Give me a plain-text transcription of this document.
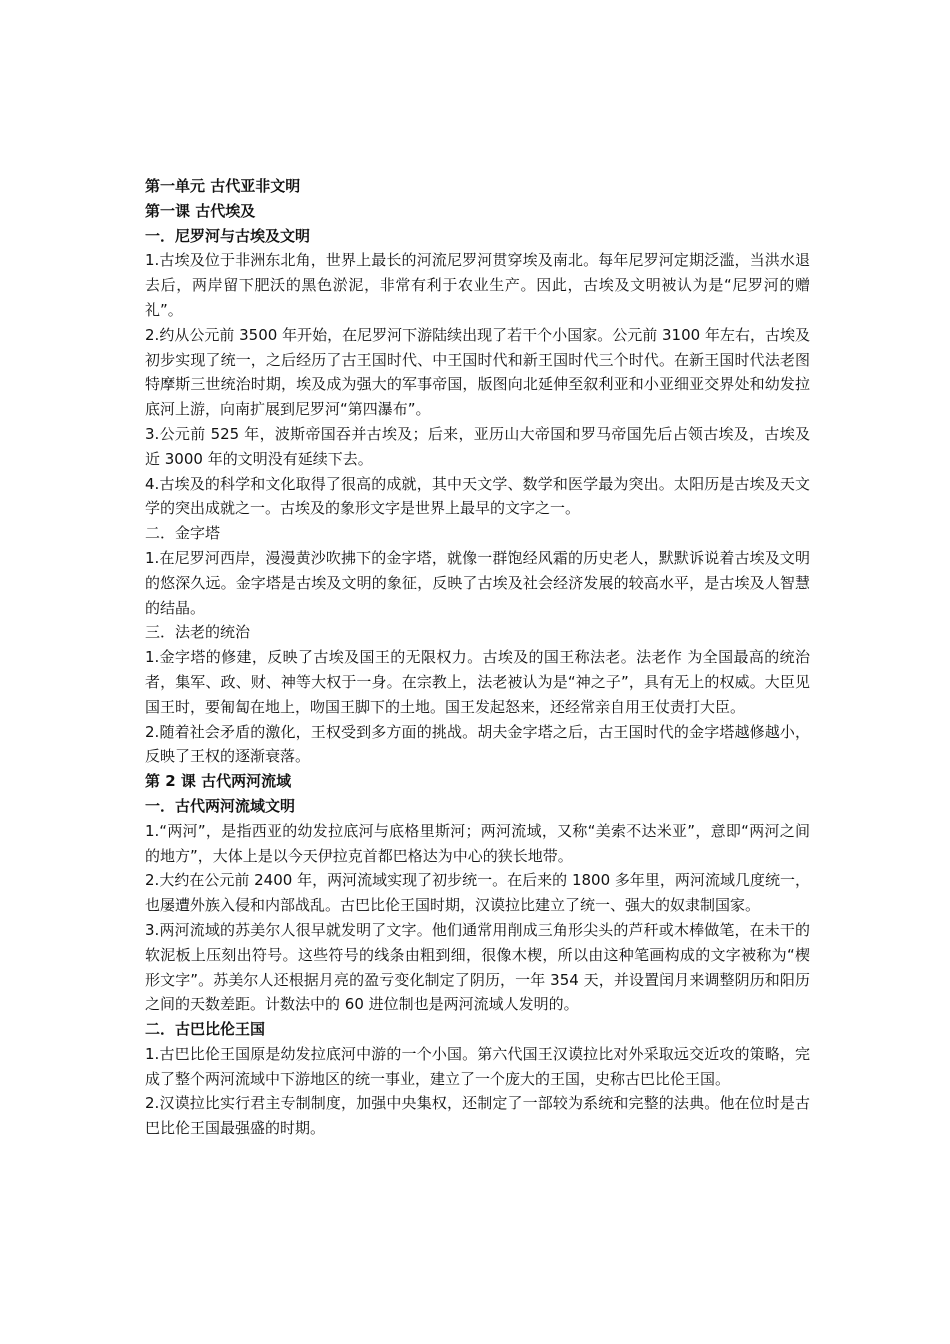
第一单元 古代亚非文明

第一课 古代埃及

一．尼罗河与古埃及文明

1.古埃及位于非洲东北角，世界上最长的河流尼罗河贯穿埃及南北。每年尼罗河定期泛滥，当洪水退去后，两岸留下肥沃的黑色淤泥，非常有利于农业生产。因此，古埃及文明被认为是“尼罗河的赠礼”。

2.约从公元前 3500 年开始，在尼罗河下游陆续出现了若干个小国家。公元前 3100 年左右，古埃及初步实现了统一，之后经历了古王国时代、中王国时代和新王国时代三个时代。在新王国时代法老图特摩斯三世统治时期，埃及成为强大的军事帝国，版图向北延伸至叙利亚和小亚细亚交界处和幼发拉底河上游，向南扩展到尼罗河“第四瀑布”。

3.公元前 525 年，波斯帝国吞并古埃及；后来，亚历山大帝国和罗马帝国先后占领古埃及，古埃及近 3000 年的文明没有延续下去。

4.古埃及的科学和文化取得了很高的成就，其中天文学、数学和医学最为突出。太阳历是古埃及天文学的突出成就之一。古埃及的象形文字是世界上最早的文字之一。

二．金字塔

1.在尼罗河西岸，漫漫黄沙吹拂下的金字塔，就像一群饱经风霜的历史老人，默默诉说着古埃及文明的悠深久远。金字塔是古埃及文明的象征，反映了古埃及社会经济发展的较高水平，是古埃及人智慧的结晶。

三．法老的统治

1.金字塔的修建，反映了古埃及国王的无限权力。古埃及的国王称法老。法老作 为全国最高的统治者，集军、政、财、神等大权于一身。在宗教上，法老被认为是“神之子”，具有无上的权威。大臣见国王时，要匍匐在地上，吻国王脚下的土地。国王发起怒来，还经常亲自用王仗责打大臣。

2.随着社会矛盾的激化，王权受到多方面的挑战。胡夫金字塔之后，古王国时代的金字塔越修越小，反映了王权的逐渐衰落。

第 2 课 古代两河流域

一．古代两河流域文明

1.“两河”，是指西亚的幼发拉底河与底格里斯河；两河流域，又称“美索不达米亚”，意即“两河之间的地方”，大体上是以今天伊拉克首都巴格达为中心的狭长地带。

2.大约在公元前 2400 年，两河流域实现了初步统一。在后来的 1800 多年里，两河流域几度统一，也屡遭外族入侵和内部战乱。古巴比伦王国时期，汉谟拉比建立了统一、强大的奴隶制国家。

3.两河流域的苏美尔人很早就发明了文字。他们通常用削成三角形尖头的芦秆或木棒做笔，在未干的软泥板上压刻出符号。这些符号的线条由粗到细，很像木楔，所以由这种笔画构成的文字被称为“楔形文字”。苏美尔人还根据月亮的盈亏变化制定了阴历，一年 354 天，并设置闰月来调整阴历和阳历之间的天数差距。计数法中的 60 进位制也是两河流域人发明的。

二．古巴比伦王国

1.古巴比伦王国原是幼发拉底河中游的一个小国。第六代国王汉谟拉比对外采取远交近攻的策略，完成了整个两河流域中下游地区的统一事业，建立了一个庞大的王国，史称古巴比伦王国。

2.汉谟拉比实行君主专制制度，加强中央集权，还制定了一部较为系统和完整的法典。他在位时是古巴比伦王国最强盛的时期。
